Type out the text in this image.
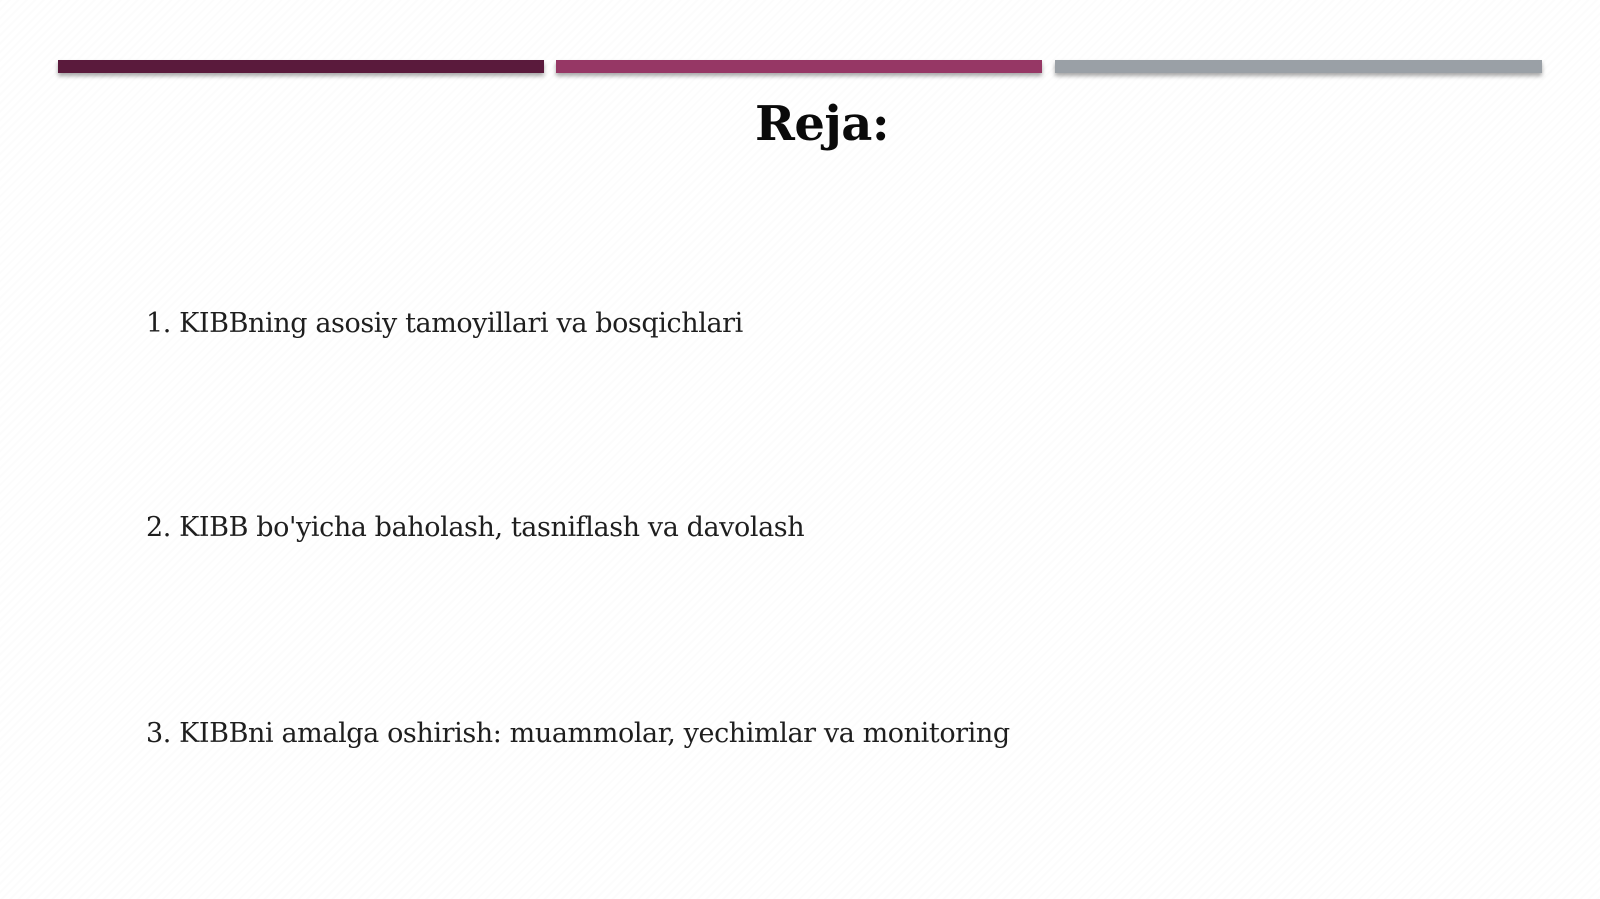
Reja:
1. KIBBning asosiy tamoyillari va bosqichlari
2. KIBB bo'yicha baholash, tasniflash va davolash
3. KIBBni amalga oshirish: muammolar, yechimlar va monitoring
